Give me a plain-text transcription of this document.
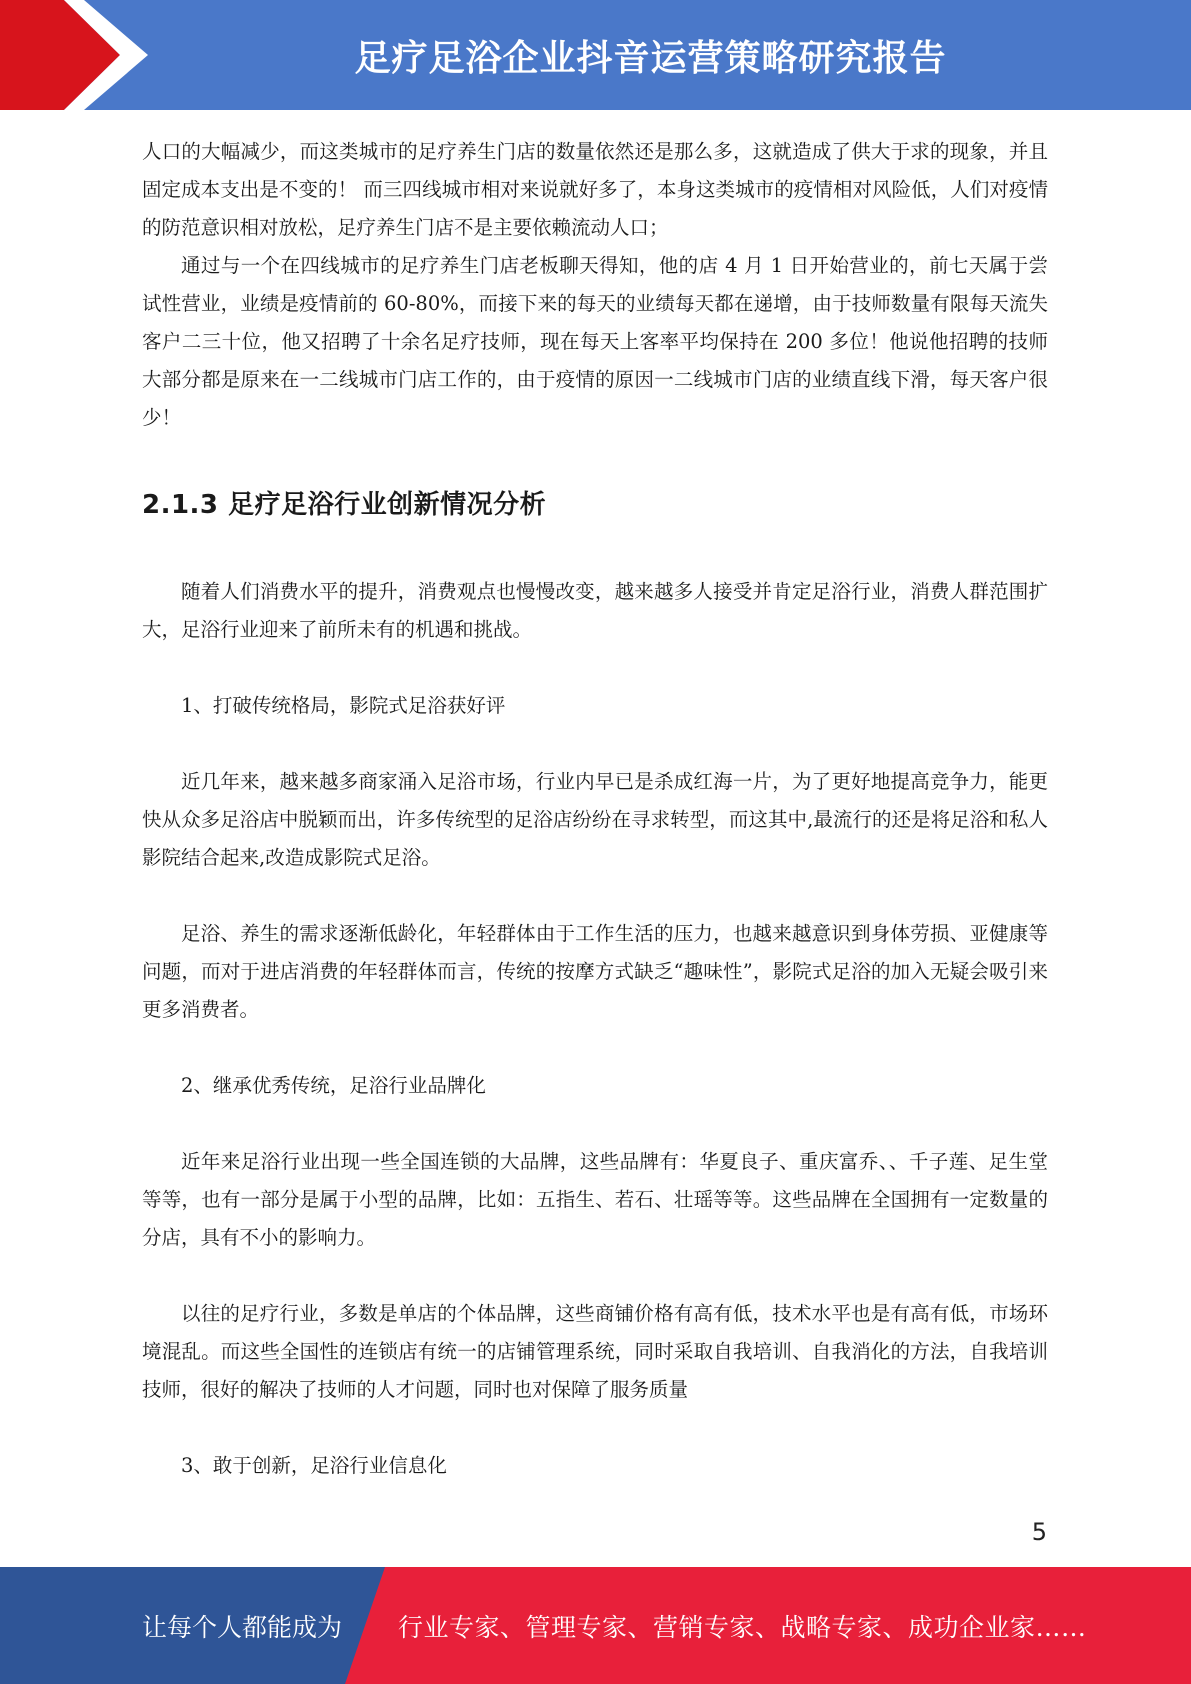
足疗足浴企业抖音运营策略研究报告

人口的大幅减少，而这类城市的足疗养生门店的数量依然还是那么多，这就造成了供大于求的现象，并且固定成本支出是不变的！ 而三四线城市相对来说就好多了，本身这类城市的疫情相对风险低，人们对疫情的防范意识相对放松，足疗养生门店不是主要依赖流动人口；

通过与一个在四线城市的足疗养生门店老板聊天得知，他的店 4 月 1 日开始营业的，前七天属于尝试性营业，业绩是疫情前的 60-80%，而接下来的每天的业绩每天都在递增，由于技师数量有限每天流失客户二三十位，他又招聘了十余名足疗技师，现在每天上客率平均保持在 200 多位！他说他招聘的技师大部分都是原来在一二线城市门店工作的，由于疫情的原因一二线城市门店的业绩直线下滑，每天客户很少！

2.1.3 足疗足浴行业创新情况分析

随着人们消费水平的提升，消费观点也慢慢改变，越来越多人接受并肯定足浴行业，消费人群范围扩大，足浴行业迎来了前所未有的机遇和挑战。

1、打破传统格局，影院式足浴获好评

近几年来，越来越多商家涌入足浴市场，行业内早已是杀成红海一片，为了更好地提高竞争力，能更快从众多足浴店中脱颖而出，许多传统型的足浴店纷纷在寻求转型，而这其中,最流行的还是将足浴和私人影院结合起来,改造成影院式足浴。

足浴、养生的需求逐渐低龄化，年轻群体由于工作生活的压力，也越来越意识到身体劳损、亚健康等问题，而对于进店消费的年轻群体而言，传统的按摩方式缺乏“趣味性”，影院式足浴的加入无疑会吸引来更多消费者。

2、继承优秀传统，足浴行业品牌化

近年来足浴行业出现一些全国连锁的大品牌，这些品牌有：华夏良子、重庆富乔、、千子莲、足生堂等等，也有一部分是属于小型的品牌，比如：五指生、若石、壮瑶等等。这些品牌在全国拥有一定数量的分店，具有不小的影响力。

以往的足疗行业，多数是单店的个体品牌，这些商铺价格有高有低，技术水平也是有高有低，市场环境混乱。而这些全国性的连锁店有统一的店铺管理系统，同时采取自我培训、自我消化的方法，自我培训技师，很好的解决了技师的人才问题，同时也对保障了服务质量

3、敢于创新，足浴行业信息化

5
让每个人都能成为 行业专家、管理专家、营销专家、战略专家、成功企业家……
